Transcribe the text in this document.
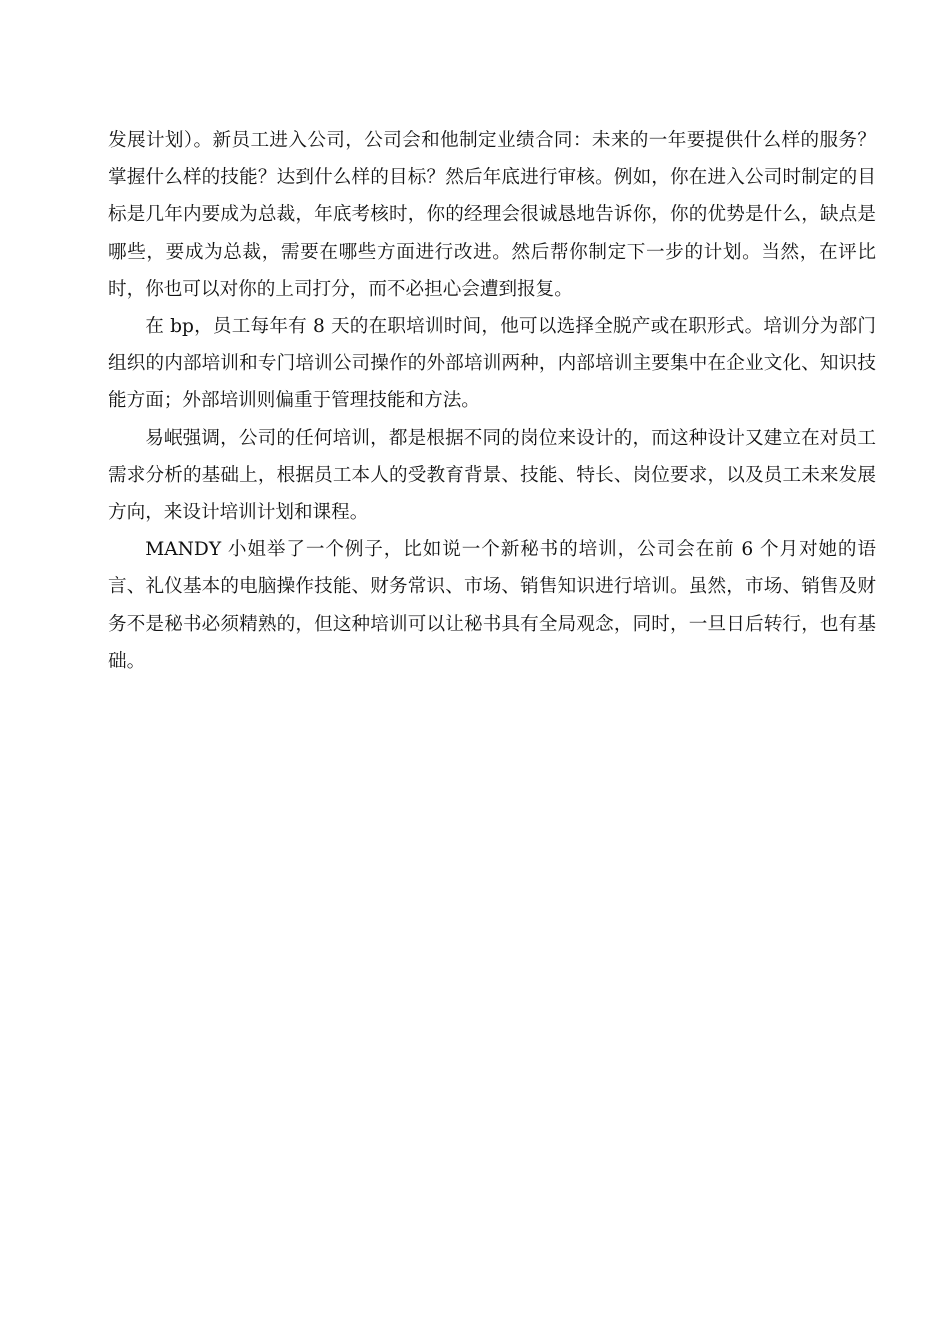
发展计划）。新员工进入公司，公司会和他制定业绩合同：未来的一年要提供什么样的服务？掌握什么样的技能？达到什么样的目标？然后年底进行审核。例如，你在进入公司时制定的目标是几年内要成为总裁，年底考核时，你的经理会很诚恳地告诉你，你的优势是什么，缺点是哪些，要成为总裁，需要在哪些方面进行改进。然后帮你制定下一步的计划。当然，在评比时，你也可以对你的上司打分，而不必担心会遭到报复。

在 bp，员工每年有 8 天的在职培训时间，他可以选择全脱产或在职形式。培训分为部门组织的内部培训和专门培训公司操作的外部培训两种，内部培训主要集中在企业文化、知识技能方面；外部培训则偏重于管理技能和方法。

易岷强调，公司的任何培训，都是根据不同的岗位来设计的，而这种设计又建立在对员工需求分析的基础上，根据员工本人的受教育背景、技能、特长、岗位要求，以及员工未来发展方向，来设计培训计划和课程。

MANDY 小姐举了一个例子，比如说一个新秘书的培训，公司会在前 6 个月对她的语言、礼仪基本的电脑操作技能、财务常识、市场、销售知识进行培训。虽然，市场、销售及财务不是秘书必须精熟的，但这种培训可以让秘书具有全局观念，同时，一旦日后转行，也有基础。
